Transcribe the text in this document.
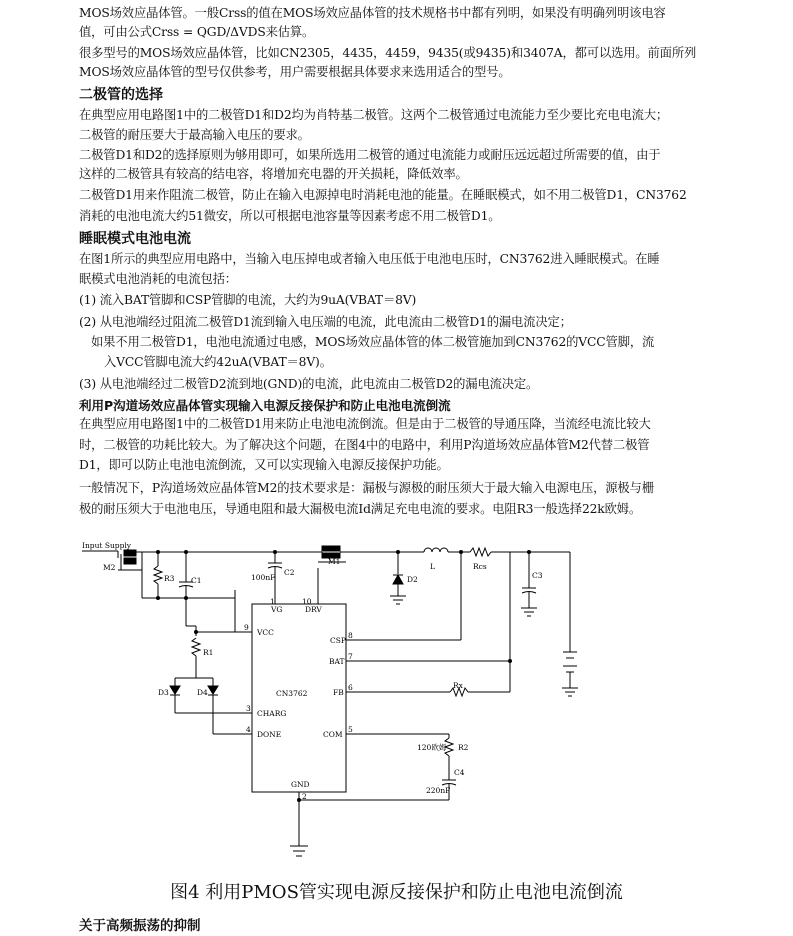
MOS场效应晶体管。一般Crss的值在MOS场效应晶体管的技术规格书中都有列明，如果没有明确列明该电容

值，可由公式Crss = QGD/ΔVDS来估算。

很多型号的MOS场效应晶体管，比如CN2305，4435，4459，9435(或9435)和3407A，都可以选用。前面所列

MOS场效应晶体管的型号仅供参考，用户需要根据具体要求来选用适合的型号。

二极管的选择

在典型应用电路图1中的二极管D1和D2均为肖特基二极管。这两个二极管通过电流能力至少要比充电电流大；

二极管的耐压要大于最高输入电压的要求。

二极管D1和D2的选择原则为够用即可，如果所选用二极管的通过电流能力或耐压远远超过所需要的值，由于

这样的二极管具有较高的结电容，将增加充电器的开关损耗，降低效率。

二极管D1用来作阻流二极管，防止在输入电源掉电时消耗电池的能量。在睡眠模式，如不用二极管D1，CN3762

消耗的电池电流大约51微安，所以可根据电池容量等因素考虑不用二极管D1。

睡眠模式电池电流

在图1所示的典型应用电路中，当输入电压掉电或者输入电压低于电池电压时，CN3762进入睡眠模式。在睡

眠模式电池消耗的电流包括：

(1) 流入BAT管脚和CSP管脚的电流，大约为9uA(VBAT＝8V)

(2) 从电池端经过阻流二极管D1流到输入电压端的电流，此电流由二极管D1的漏电流决定；

如果不用二极管D1，电池电流通过电感，MOS场效应晶体管的体二极管施加到CN3762的VCC管脚，流

入VCC管脚电流大约42uA(VBAT＝8V)。

(3) 从电池端经过二极管D2流到地(GND)的电流，此电流由二极管D2的漏电流决定。

利用P沟道场效应晶体管实现输入电源反接保护和防止电池电流倒流

在典型应用电路图1中的二极管D1用来防止电池电流倒流。但是由于二极管的导通压降，当流经电流比较大

时，二极管的功耗比较大。为了解决这个问题，在图4中的电路中，利用P沟道场效应晶体管M2代替二极管

D1，即可以防止电池电流倒流，又可以实现输入电源反接保护功能。

一般情况下，P沟道场效应晶体管M2的技术要求是：漏极与源极的耐压须大于最大输入电源电压，源极与栅

极的耐压须大于电池电压，导通电阻和最大漏极电流Id满足充电电流的要求。电阻R3一般选择22k欧姆。

Input Supply
M2
R3 C1	100nF
C2
M1
D2
L	Rcs
C3
R1
D3	D4	CN3762
Rx
120欧姆 R2
C4
220nF
1
VG
10
DRV
9
VCC	8
CSP
7
BAT
6
FB
3
CHARG
4
DONE
5
COM
GND
2
图4 利用PMOS管实现电源反接保护和防止电池电流倒流
关于高频振荡的抑制
